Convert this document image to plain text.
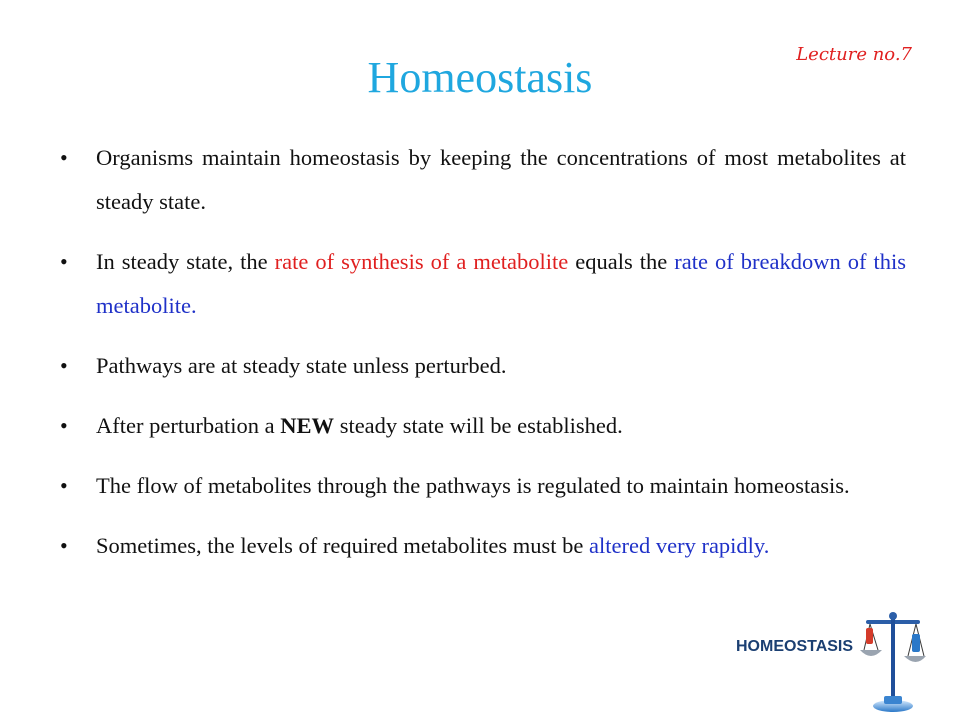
Lecture no.7
Homeostasis
• Organisms maintain homeostasis by keeping the concentrations of most metabolites at steady state.
• In steady state, the rate of synthesis of a metabolite equals the rate of breakdown of this metabolite.
• Pathways are at steady state unless perturbed.
• After perturbation a NEW steady state will be established.
• The flow of metabolites through the pathways is regulated to maintain homeostasis.
• Sometimes, the levels of required metabolites must be altered very rapidly.
HOMEOSTASIS
